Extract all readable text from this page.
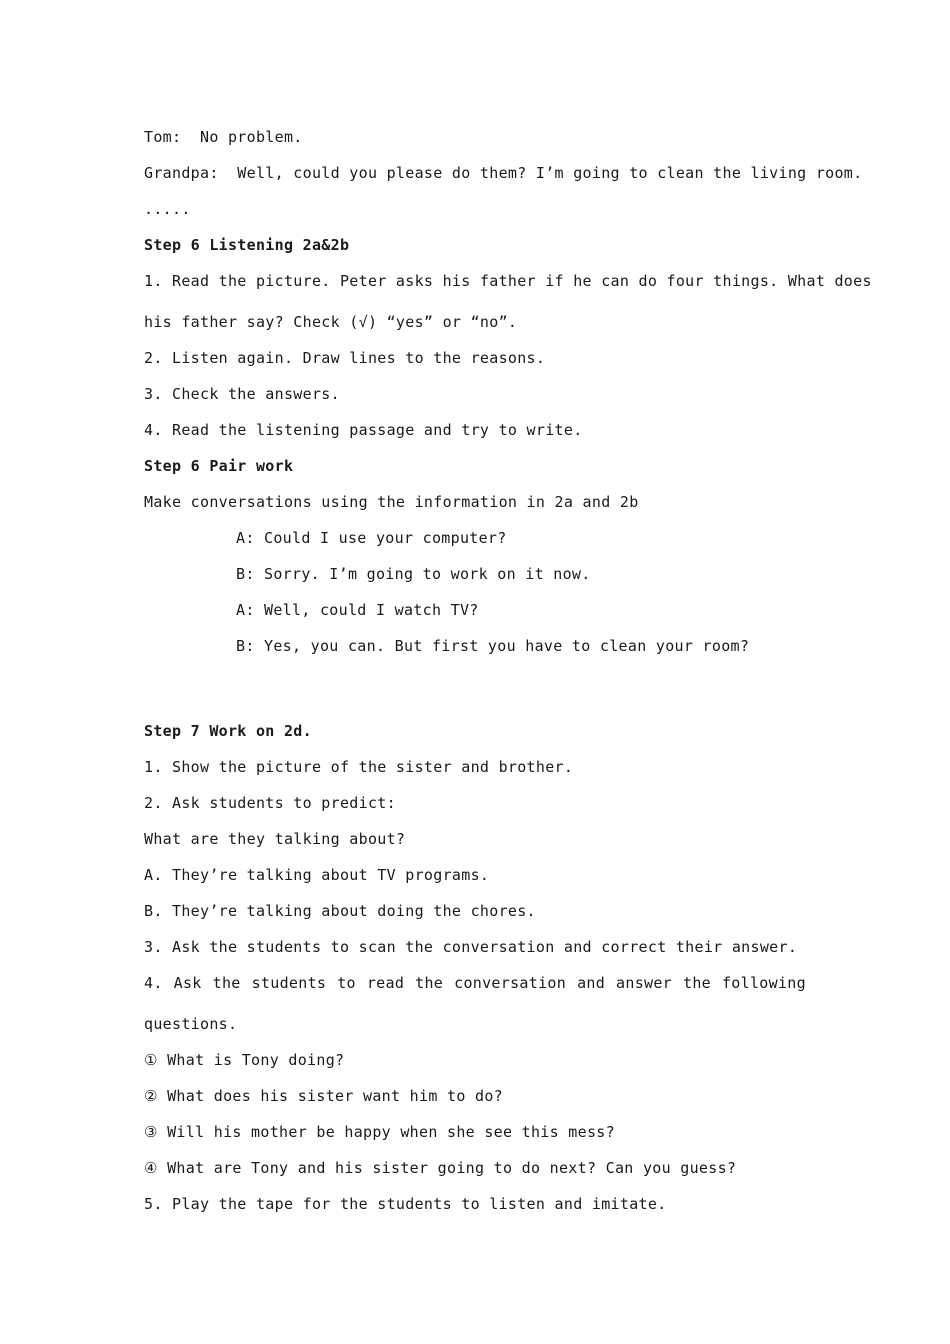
Tom:  No problem.
Grandpa:  Well, could you please do them? I’m going to clean the living room.
.....
Step 6 Listening 2a&2b
1. Read the picture. Peter asks his father if he can do four things. What does
his father say? Check (√) “yes” or “no”.
2. Listen again. Draw lines to the reasons.
3. Check the answers.
4. Read the listening passage and try to write.
Step 6 Pair work
Make conversations using the information in 2a and 2b
A: Could I use your computer?
B: Sorry. I’m going to work on it now.
A: Well, could I watch TV?
B: Yes, you can. But first you have to clean your room?
Step 7 Work on 2d.
1. Show the picture of the sister and brother.
2. Ask students to predict:
What are they talking about?
A. They’re talking about TV programs.
B. They’re talking about doing the chores.
3. Ask the students to scan the conversation and correct their answer.
4. Ask the students to read the conversation and answer the following
questions.
① What is Tony doing?
② What does his sister want him to do?
③ Will his mother be happy when she see this mess?
④ What are Tony and his sister going to do next? Can you guess?
5. Play the tape for the students to listen and imitate.
